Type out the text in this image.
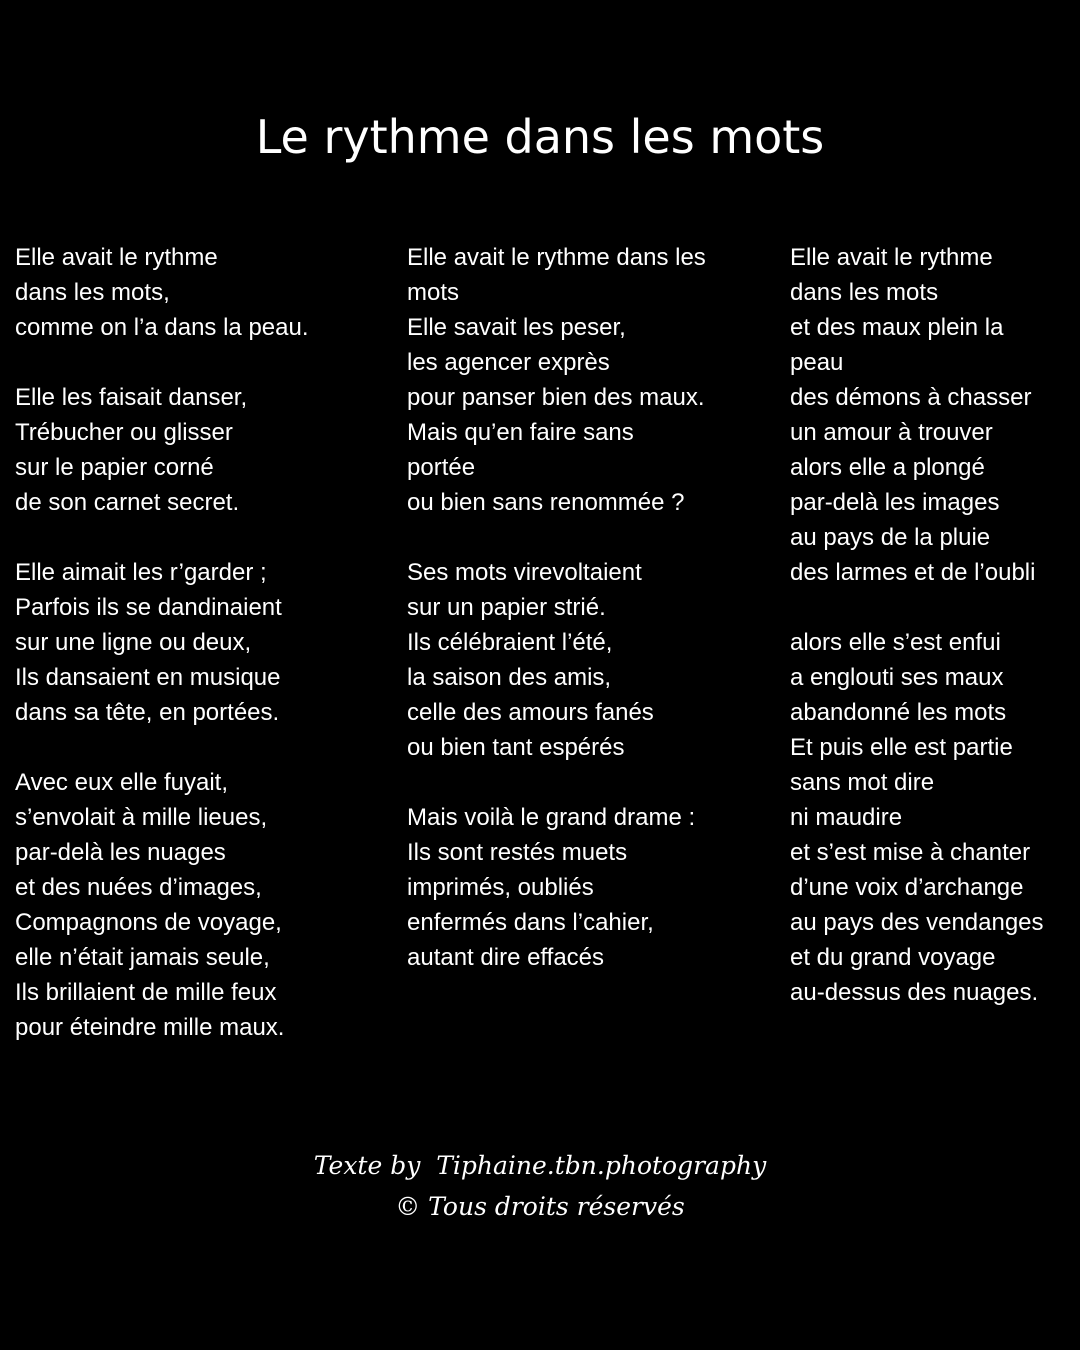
Le rythme dans les mots
Elle avait le rythme
dans les mots,
comme on l’a dans la peau.
Elle les faisait danser,
Trébucher ou glisser
sur le papier corné
de son carnet secret.
Elle aimait les r’garder ;
Parfois ils se dandinaient
sur une ligne ou deux,
Ils dansaient en musique
dans sa tête, en portées.
Avec eux elle fuyait,
s’envolait à mille lieues,
par-delà les nuages
et des nuées d’images,
Compagnons de voyage,
elle n’était jamais seule,
Ils brillaient de mille feux
pour éteindre mille maux.
Elle avait le rythme dans les
mots
Elle savait les peser,
les agencer exprès
pour panser bien des maux.
Mais qu’en faire sans
portée
ou bien sans renommée ?
Ses mots virevoltaient
sur un papier strié.
Ils célébraient l’été,
la saison des amis,
celle des amours fanés
ou bien tant espérés
Mais voilà le grand drame :
Ils sont restés muets
imprimés, oubliés
enfermés dans l’cahier,
autant dire effacés
Elle avait le rythme
dans les mots
et des maux plein la
peau
des démons à chasser
un amour à trouver
alors elle a plongé
par-delà les images
au pays de la pluie
des larmes et de l’oubli
alors elle s’est enfui
a englouti ses maux
abandonné les mots
Et puis elle est partie
sans mot dire
ni maudire
et s’est mise à chanter
d’une voix d’archange
au pays des vendanges
et du grand voyage
au-dessus des nuages.
Texte by  Tiphaine.tbn.photography
© Tous droits réservés
